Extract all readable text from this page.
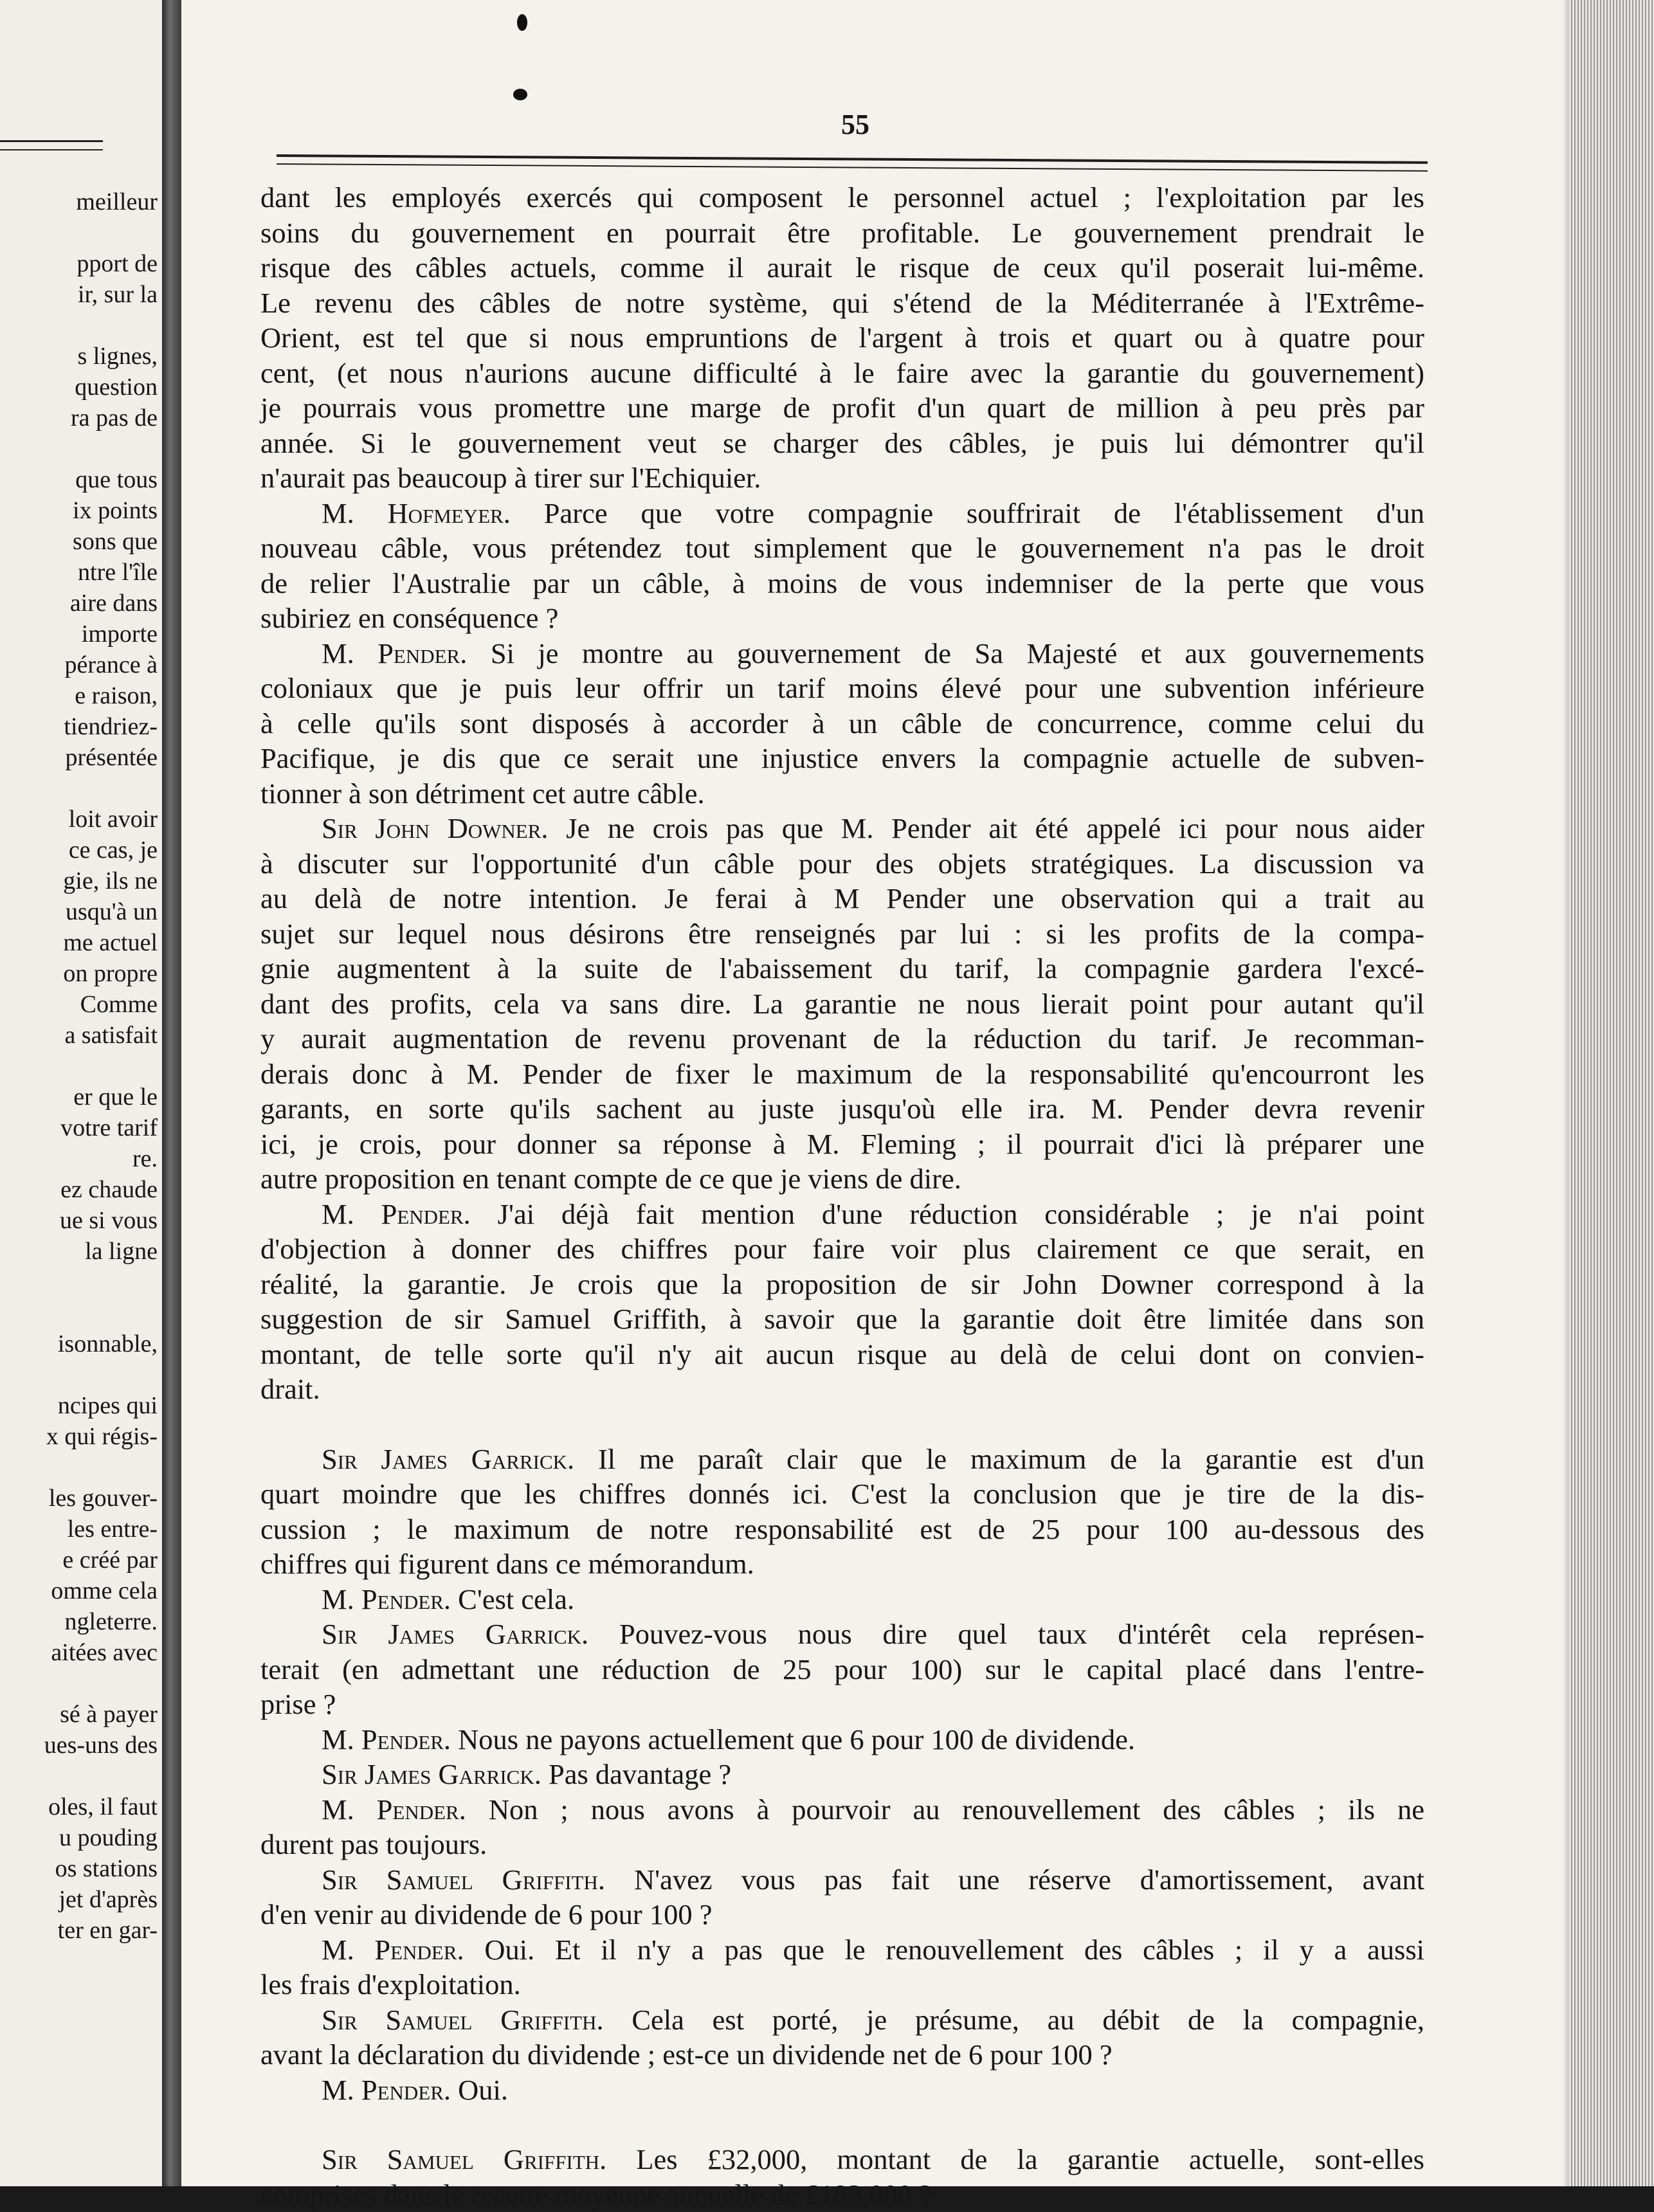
meilleur
pport de
ir, sur la
s lignes,
question
ra pas de
que tous
ix points
sons que
ntre l'île
aire dans
importe
pérance à
e raison,
tiendriez-
présentée
loit avoir
ce cas, je
gie, ils ne
usqu'à un
me actuel
on propre
Comme
a satisfait
er que le
votre tarif
re.
ez chaude
ue si vous
la ligne
isonnable,
ncipes qui
x qui régis-
les gouver-
les entre-
e créé par
omme cela
ngleterre.
aitées avec
sé à payer
ues-uns des
oles, il faut
u pouding
os stations
jet d'après
ter en gar-
55
dant les employés exercés qui composent le personnel actuel ; l'exploitation par les
soins du gouvernement en pourrait être profitable. Le gouvernement prendrait le
risque des câbles actuels, comme il aurait le risque de ceux qu'il poserait lui-même.
Le revenu des câbles de notre système, qui s'étend de la Méditerranée à l'Extrême-
Orient, est tel que si nous empruntions de l'argent à trois et quart ou à quatre pour
cent, (et nous n'aurions aucune difficulté à le faire avec la garantie du gouvernement)
je pourrais vous promettre une marge de profit d'un quart de million à peu près par
année. Si le gouvernement veut se charger des câbles, je puis lui démontrer qu'il
n'aurait pas beaucoup à tirer sur l'Echiquier.
M. Hofmeyer. Parce que votre compagnie souffrirait de l'établissement d'un
nouveau câble, vous prétendez tout simplement que le gouvernement n'a pas le droit
de relier l'Australie par un câble, à moins de vous indemniser de la perte que vous
subiriez en conséquence ?
M. Pender. Si je montre au gouvernement de Sa Majesté et aux gouvernements
coloniaux que je puis leur offrir un tarif moins élevé pour une subvention inférieure
à celle qu'ils sont disposés à accorder à un câble de concurrence, comme celui du
Pacifique, je dis que ce serait une injustice envers la compagnie actuelle de subven-
tionner à son détriment cet autre câble.
Sir John Downer. Je ne crois pas que M. Pender ait été appelé ici pour nous aider
à discuter sur l'opportunité d'un câble pour des objets stratégiques. La discussion va
au delà de notre intention. Je ferai à M Pender une observation qui a trait au
sujet sur lequel nous désirons être renseignés par lui : si les profits de la compa-
gnie augmentent à la suite de l'abaissement du tarif, la compagnie gardera l'excé-
dant des profits, cela va sans dire. La garantie ne nous lierait point pour autant qu'il
y aurait augmentation de revenu provenant de la réduction du tarif. Je recomman-
derais donc à M. Pender de fixer le maximum de la responsabilité qu'encourront les
garants, en sorte qu'ils sachent au juste jusqu'où elle ira. M. Pender devra revenir
ici, je crois, pour donner sa réponse à M. Fleming ; il pourrait d'ici là préparer une
autre proposition en tenant compte de ce que je viens de dire.
M. Pender. J'ai déjà fait mention d'une réduction considérable ; je n'ai point
d'objection à donner des chiffres pour faire voir plus clairement ce que serait, en
réalité, la garantie. Je crois que la proposition de sir John Downer correspond à la
suggestion de sir Samuel Griffith, à savoir que la garantie doit être limitée dans son
montant, de telle sorte qu'il n'y ait aucun risque au delà de celui dont on convien-
drait.
Sir James Garrick. Il me paraît clair que le maximum de la garantie est d'un
quart moindre que les chiffres donnés ici. C'est la conclusion que je tire de la dis-
cussion ; le maximum de notre responsabilité est de 25 pour 100 au-dessous des
chiffres qui figurent dans ce mémorandum.
M. Pender. C'est cela.
Sir James Garrick. Pouvez-vous nous dire quel taux d'intérêt cela représen-
terait (en admettant une réduction de 25 pour 100) sur le capital placé dans l'entre-
prise ?
M. Pender. Nous ne payons actuellement que 6 pour 100 de dividende.
Sir James Garrick. Pas davantage ?
M. Pender. Non ; nous avons à pourvoir au renouvellement des câbles ; ils ne
durent pas toujours.
Sir Samuel Griffith. N'avez vous pas fait une réserve d'amortissement, avant
d'en venir au dividende de 6 pour 100 ?
M. Pender. Oui. Et il n'y a pas que le renouvellement des câbles ; il y a aussi
les frais d'exploitation.
Sir Samuel Griffith. Cela est porté, je présume, au débit de la compagnie,
avant la déclaration du dividende ; est-ce un dividende net de 6 pour 100 ?
M. Pender. Oui.
Sir Samuel Griffith. Les £32,000, montant de la garantie actuelle, sont-elles
comprises dans le recette moyenne annuelle de £183,000 ?
